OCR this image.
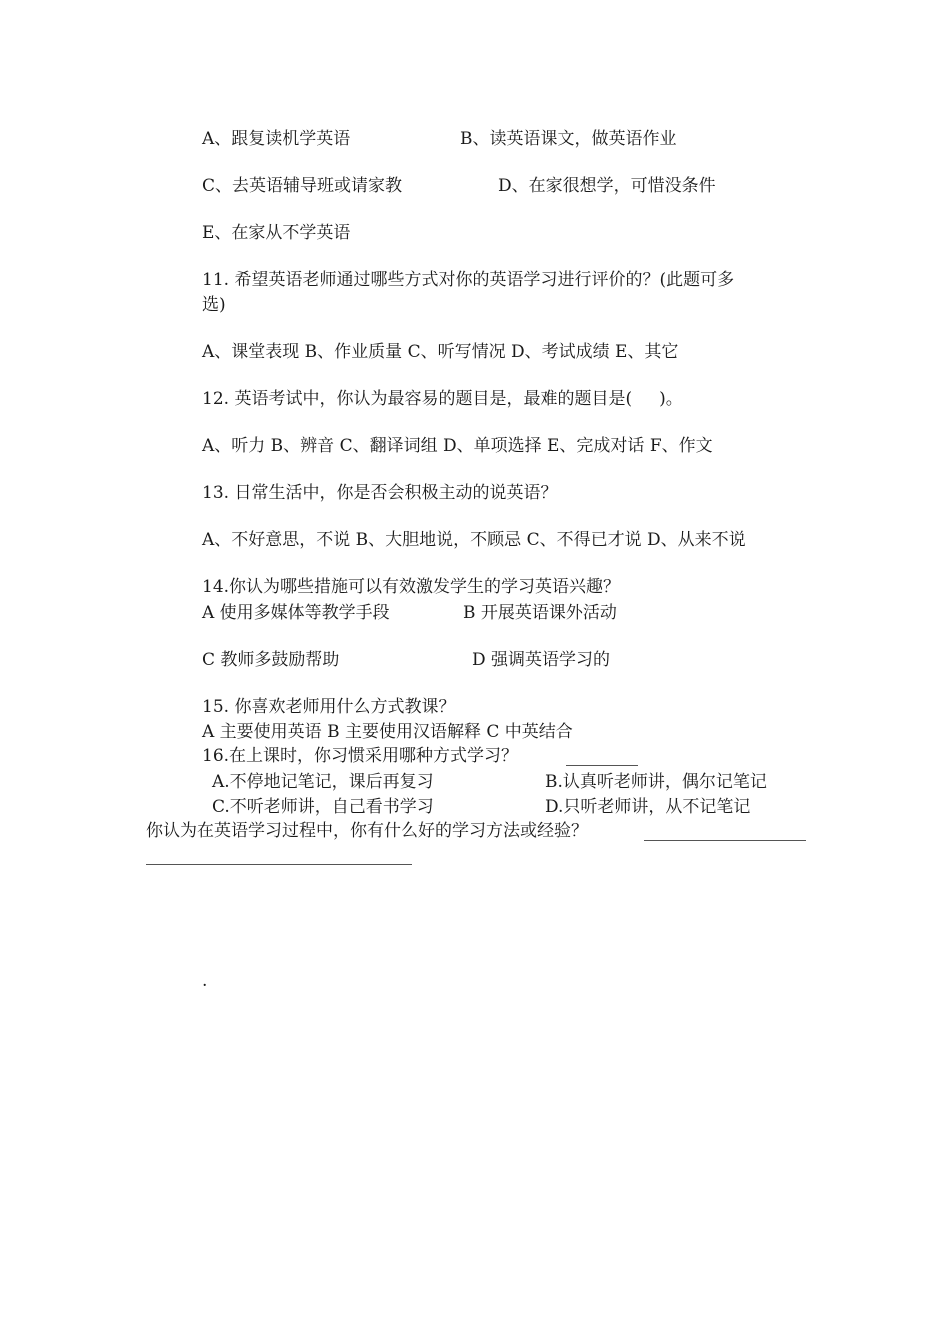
A、跟复读机学英语	B、读英语课文，做英语作业
C、去英语辅导班或请家教	D、在家很想学，可惜没条件
E、在家从不学英语
11. 希望英语老师通过哪些方式对你的英语学习进行评价的？(此题可多
选)
A、课堂表现 B、作业质量 C、听写情况 D、考试成绩 E、其它
12. 英语考试中，你认为最容易的题目是，最难的题目是(     )。
A、听力 B、辨音 C、翻译词组 D、单项选择 E、完成对话 F、作文
13. 日常生活中，你是否会积极主动的说英语？
A、不好意思，不说 B、大胆地说，不顾忌 C、不得已才说 D、从来不说
14.你认为哪些措施可以有效激发学生的学习英语兴趣？
A 使用多媒体等教学手段	B 开展英语课外活动
C 教师多鼓励帮助	D 强调英语学习的
15. 你喜欢老师用什么方式教课？
A 主要使用英语 B 主要使用汉语解释 C 中英结合
16.在上课时，你习惯采用哪种方式学习？
A.不停地记笔记，课后再复习	B.认真听老师讲，偶尔记笔记
C.不听老师讲，自己看书学习	D.只听老师讲，从不记笔记
你认为在英语学习过程中，你有什么好的学习方法或经验？
.
